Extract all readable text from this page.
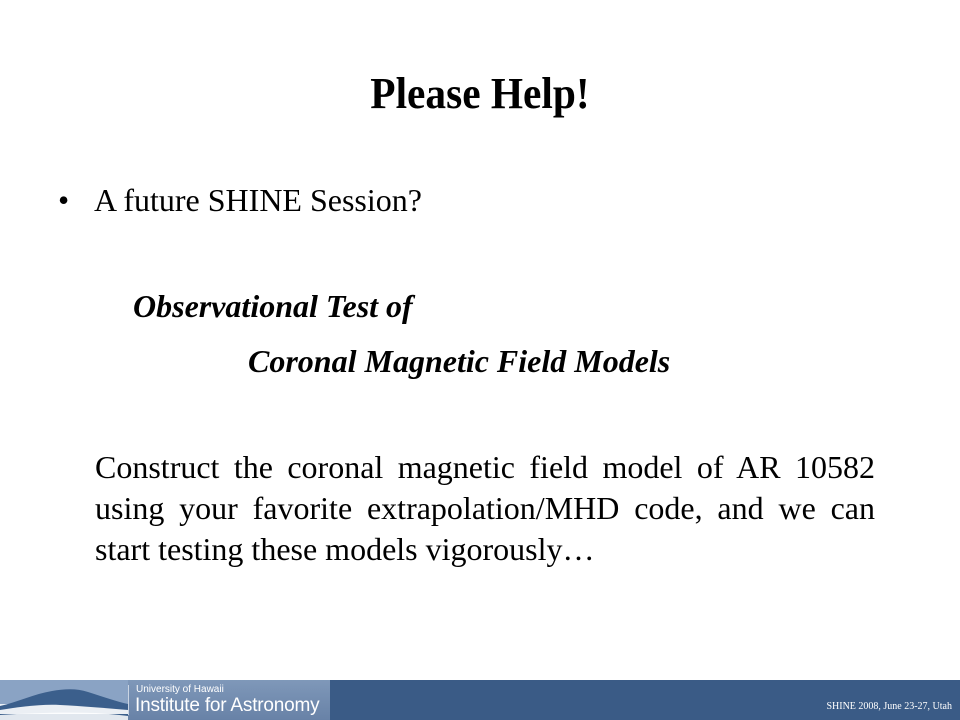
Please Help!
• A future SHINE Session?
Observational Test of
Coronal Magnetic Field Models

Construct the coronal magnetic field model of AR 10582 using your favorite extrapolation/MHD code, and we can start testing these models vigorously…

University of Hawaii
Institute for Astronomy	SHINE 2008, June 23-27, Utah
